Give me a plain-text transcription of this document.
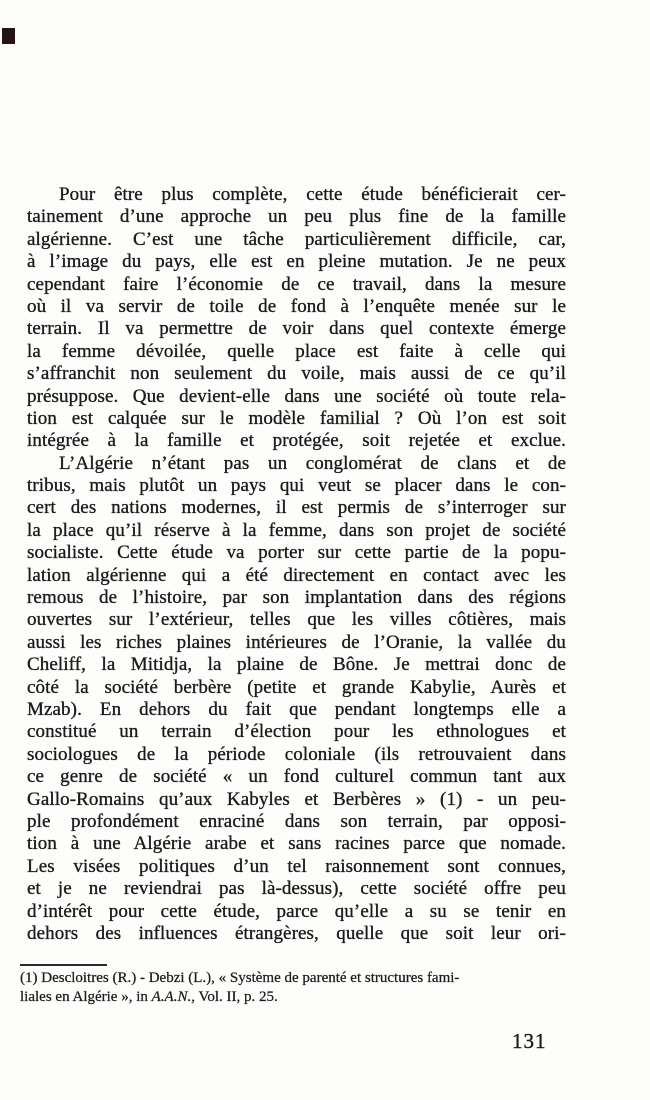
Pour être plus complète, cette étude bénéficierait cer-
tainement d’une approche un peu plus fine de la famille
algérienne. C’est une tâche particulièrement difficile, car,
à l’image du pays, elle est en pleine mutation. Je ne peux
cependant faire l’économie de ce travail, dans la mesure
où il va servir de toile de fond à l’enquête menée sur le
terrain. Il va permettre de voir dans quel contexte émerge
la femme dévoilée, quelle place est faite à celle qui
s’affranchit non seulement du voile, mais aussi de ce qu’il
présuppose. Que devient-elle dans une société où toute rela-
tion est calquée sur le modèle familial ? Où l’on est soit
intégrée à la famille et protégée, soit rejetée et exclue.
L’Algérie n’étant pas un conglomérat de clans et de
tribus, mais plutôt un pays qui veut se placer dans le con-
cert des nations modernes, il est permis de s’interroger sur
la place qu’il réserve à la femme, dans son projet de société
socialiste. Cette étude va porter sur cette partie de la popu-
lation algérienne qui a été directement en contact avec les
remous de l’histoire, par son implantation dans des régions
ouvertes sur l’extérieur, telles que les villes côtières, mais
aussi les riches plaines intérieures de l’Oranie, la vallée du
Cheliff, la Mitidja, la plaine de Bône. Je mettrai donc de
côté la société berbère (petite et grande Kabylie, Aurès et
Mzab). En dehors du fait que pendant longtemps elle a
constitué un terrain d’élection pour les ethnologues et
sociologues de la période coloniale (ils retrouvaient dans
ce genre de société « un fond culturel commun tant aux
Gallo-Romains qu’aux Kabyles et Berbères » (1) - un peu-
ple profondément enraciné dans son terrain, par opposi-
tion à une Algérie arabe et sans racines parce que nomade.
Les visées politiques d’un tel raisonnement sont connues,
et je ne reviendrai pas là-dessus), cette société offre peu
d’intérêt pour cette étude, parce qu’elle a su se tenir en
dehors des influences étrangères, quelle que soit leur ori-
(1) Descloitres (R.) - Debzi (L.), « Système de parenté et structures fami-
liales en Algérie », in A.A.N., Vol. II, p. 25.
131
